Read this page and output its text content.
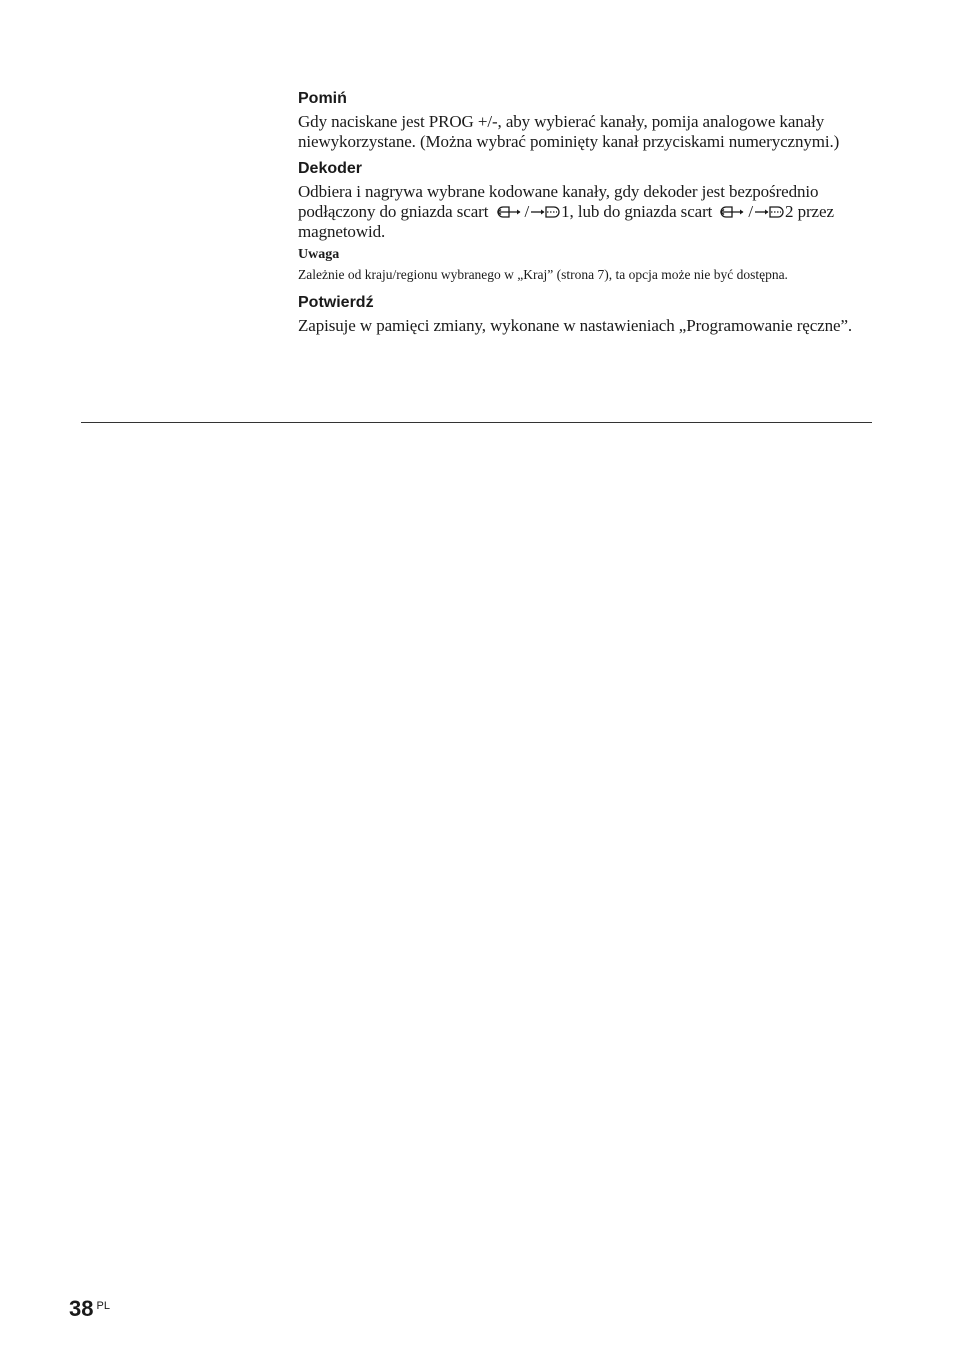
Pomiń

Gdy naciskane jest PROG +/-, aby wybierać kanały, pomija analogowe kanały niewykorzystane. (Można wybrać pominięty kanał przyciskami numerycznymi.)

Dekoder

Odbiera i nagrywa wybrane kodowane kanały, gdy dekoder jest bezpośrednio podłączony do gniazda scart / 1, lub do gniazda scart / 2 przez magnetowid.

Uwaga

Zależnie od kraju/regionu wybranego w „Kraj” (strona 7), ta opcja może nie być dostępna.

Potwierdź

Zapisuje w pamięci zmiany, wykonane w nastawieniach „Programowanie ręczne”.

38 $^{PL}$
